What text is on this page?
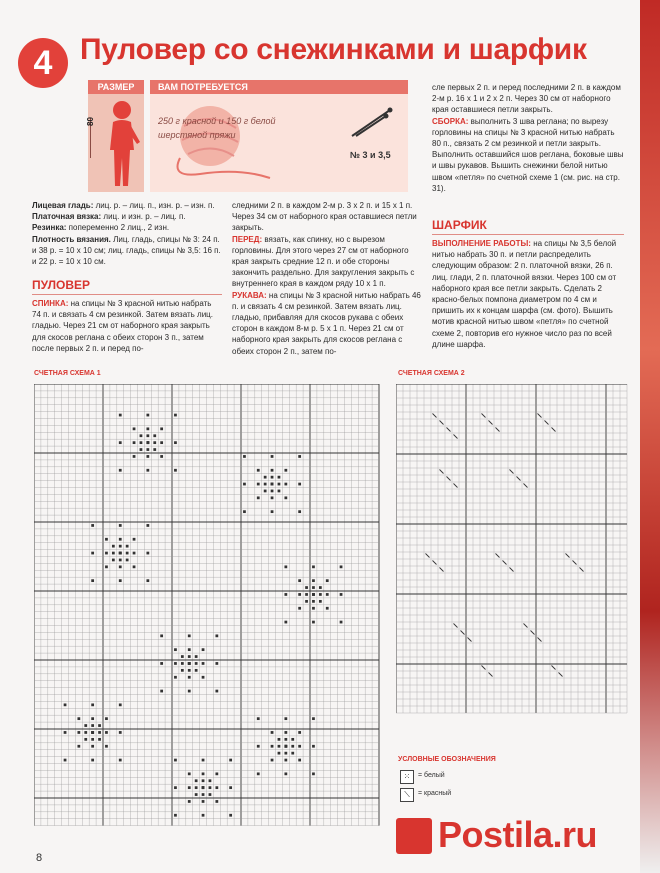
4 Пуловер со снежинками и шарфик
РАЗМЕР
80
ВАМ ПОТРЕБУЕТСЯ
250 г красной и 150 г белой шерстяной пряжи
№ 3 и 3,5
Лицевая гладь: лиц. р. – лиц. п., изн. р. – изн. п.
Платочная вязка: лиц. и изн. р. – лиц. п.
Резинка: попеременно 2 лиц., 2 изн.
Плотность вязания. Лиц. гладь, спицы № 3: 24 п. и 38 р. = 10 х 10 см; лиц. гладь, спицы № 3,5: 16 п. и 22 р. = 10 х 10 см.
ПУЛОВЕР
СПИНКА: на спицы № 3 красной нитью набрать 74 п. и связать 4 см резинкой. Затем вязать лиц. гладью. Через 21 см от наборного края закрыть для скосов реглана с обеих сторон 3 п., затем после первых 2 п. и перед по-
следними 2 п. в каждом 2-м р. 3 х 2 п. и 15 х 1 п. Через 34 см от наборного края оставшиеся петли закрыть.
ПЕРЕД: вязать, как спинку, но с вырезом горловины. Для этого через 27 см от наборного края закрыть средние 12 п. и обе стороны закончить раздельно. Для закругления закрыть с внутреннего края в каждом ряду 10 х 1 п.
РУКАВА: на спицы № 3 красной нитью набрать 46 п. и связать 4 см резинкой. Затем вязать лиц. гладью, прибавляя для скосов рукава с обеих сторон в каждом 8-м р. 5 х 1 п. Через 21 см от наборного края закрыть для скосов реглана с обеих сторон 2 п., затем по-
сле первых 2 п. и перед последними 2 п. в каждом 2-м р. 16 х 1 и 2 х 2 п. Через 30 см от наборного края оставшиеся петли закрыть.
СБОРКА: выполнить 3 шва реглана; по вырезу горловины на спицы № 3 красной нитью набрать 80 п., связать 2 см резинкой и петли закрыть. Выполнить оставшийся шов реглана, боковые швы и швы рукавов. Вышить снежинки белой нитью швом «петля» по счетной схеме 1 (см. рис. на стр. 31).
ШАРФИК
ВЫПОЛНЕНИЕ РАБОТЫ: на спицы № 3,5 белой нитью набрать 30 п. и петли распределить следующим образом: 2 п. платочной вязки, 26 п. лиц. глади, 2 п. платочной вязки. Через 100 см от наборного края все петли закрыть. Сделать 2 красно-белых помпона диаметром по 4 см и пришить их к концам шарфа (см. фото). Вышить мотив красной нитью швом «петля» по счетной схеме 2, повторив его нужное число раз по всей длине шарфа.
СЧЕТНАЯ СХЕМА 1	СЧЕТНАЯ СХЕМА 2
УСЛОВНЫЕ ОБОЗНАЧЕНИЯ
⁙	= белый
⟍	= красный
8
Postila.ru
